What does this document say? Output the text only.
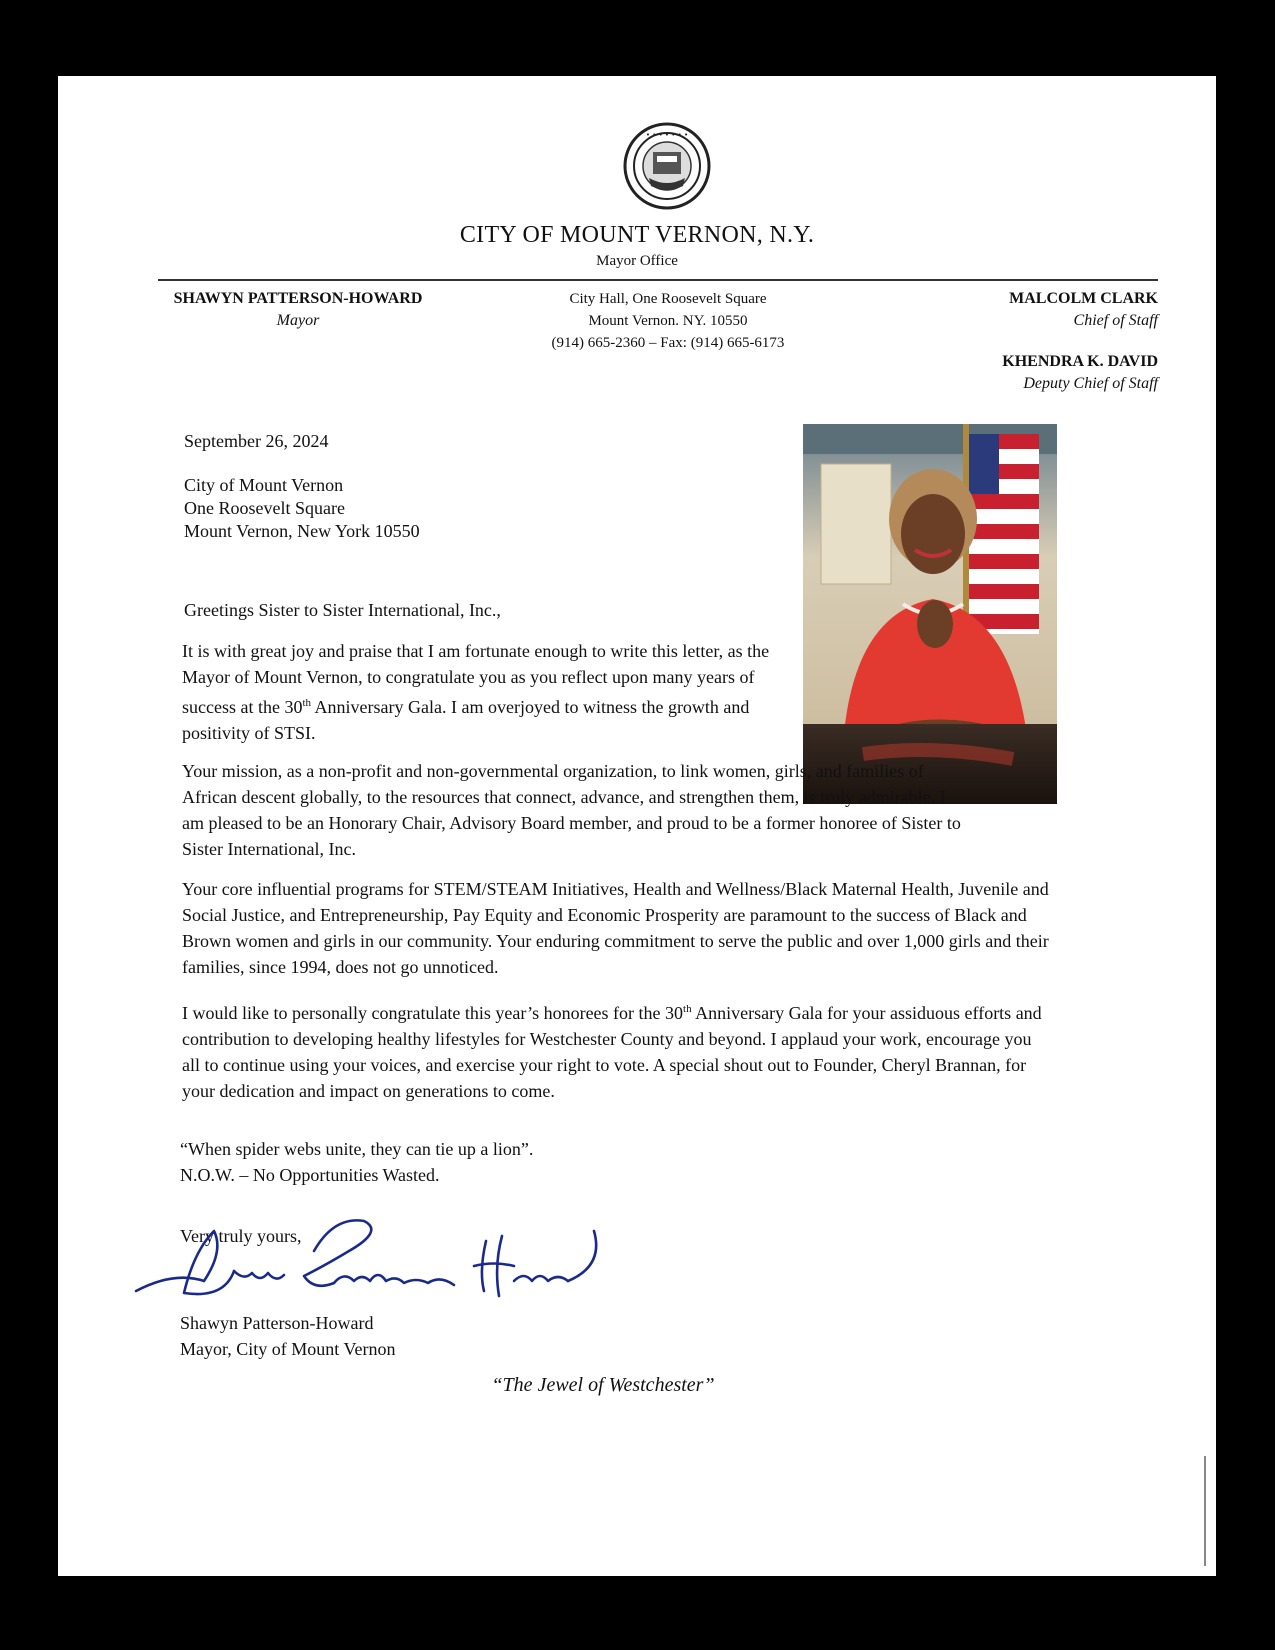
• • • • • • •
CITY OF MOUNT VERNON, N.Y.
Mayor Office
SHAWYN PATTERSON-HOWARD
Mayor
City Hall, One Roosevelt Square
Mount Vernon. NY. 10550
(914) 665-2360 – Fax: (914) 665-6173
MALCOLM CLARK
Chief of Staff
KHENDRA K. DAVID
Deputy Chief of Staff
September 26, 2024
City of Mount Vernon
One Roosevelt Square
Mount Vernon, New York 10550
Greetings Sister to Sister International, Inc.,

It is with great joy and praise that I am fortunate enough to write this letter, as the Mayor of Mount Vernon, to congratulate you as you reflect upon many years of success at the 30th Anniversary Gala. I am overjoyed to witness the growth and positivity of STSI.

Your mission, as a non-profit and non-governmental organization, to link women, girls, and families of African descent globally, to the resources that connect, advance, and strengthen them, is truly admirable. I am pleased to be an Honorary Chair, Advisory Board member, and proud to be a former honoree of Sister to Sister International, Inc.

Your core influential programs for STEM/STEAM Initiatives, Health and Wellness/Black Maternal Health, Juvenile and Social Justice, and Entrepreneurship, Pay Equity and Economic Prosperity are paramount to the success of Black and Brown women and girls in our community. Your enduring commitment to serve the public and over 1,000 girls and their families, since 1994, does not go unnoticed.

I would like to personally congratulate this year’s honorees for the 30th Anniversary Gala for your assiduous efforts and contribution to developing healthy lifestyles for Westchester County and beyond. I applaud your work, encourage you all to continue using your voices, and exercise your right to vote. A special shout out to Founder, Cheryl Brannan, for your dedication and impact on generations to come.

“When spider webs unite, they can tie up a lion”.
N.O.W. – No Opportunities Wasted.
Very truly yours,
Shawyn Patterson-Howard
Mayor, City of Mount Vernon
“The Jewel of Westchester”
